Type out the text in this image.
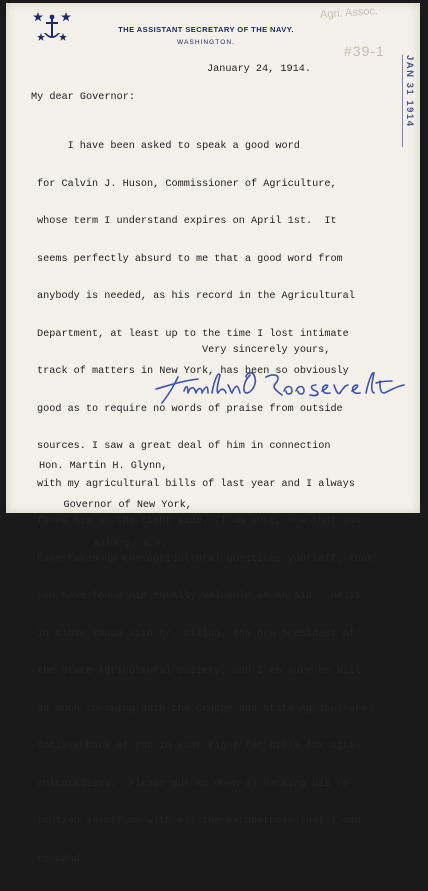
THE ASSISTANT SECRETARY OF THE NAVY.
WASHINGTON.
Agri. Assoc.
#39-1
JAN 31 1914

January 24, 1914.

My dear Governor:

I have been asked to speak a good word

for Calvin J. Huson, Commissioner of Agriculture,

whose term I understand expires on April 1st.  It

seems perfectly absurd to me that a good word from

anybody is needed, as his record in the Agricultural

Department, at least up to the time I lost intimate

track of matters in New York, has been so obviously

good as to require no words of praise from outside

sources. I saw a great deal of him in connection

with my agricultural bills of last year and I always

found him on the right side.  I am sure, now that you

have taken up the agricultural questions yourself, that

you have found him equally valuable as an aid.  He is

in close touch with Mr. Dillon, the new president of

the State Agricultural Society, and I am sure he will

do much to swing both the Grange and State Agricultural

Society back of you in your fight for bills for agri-

culturalists.  Please put me down as backing his re-

tention in office with all the earnestness that I can

command.

Very sincerely yours,

Hon. Martin H. Glynn,

Governor of New York,

Albany, N.Y.
